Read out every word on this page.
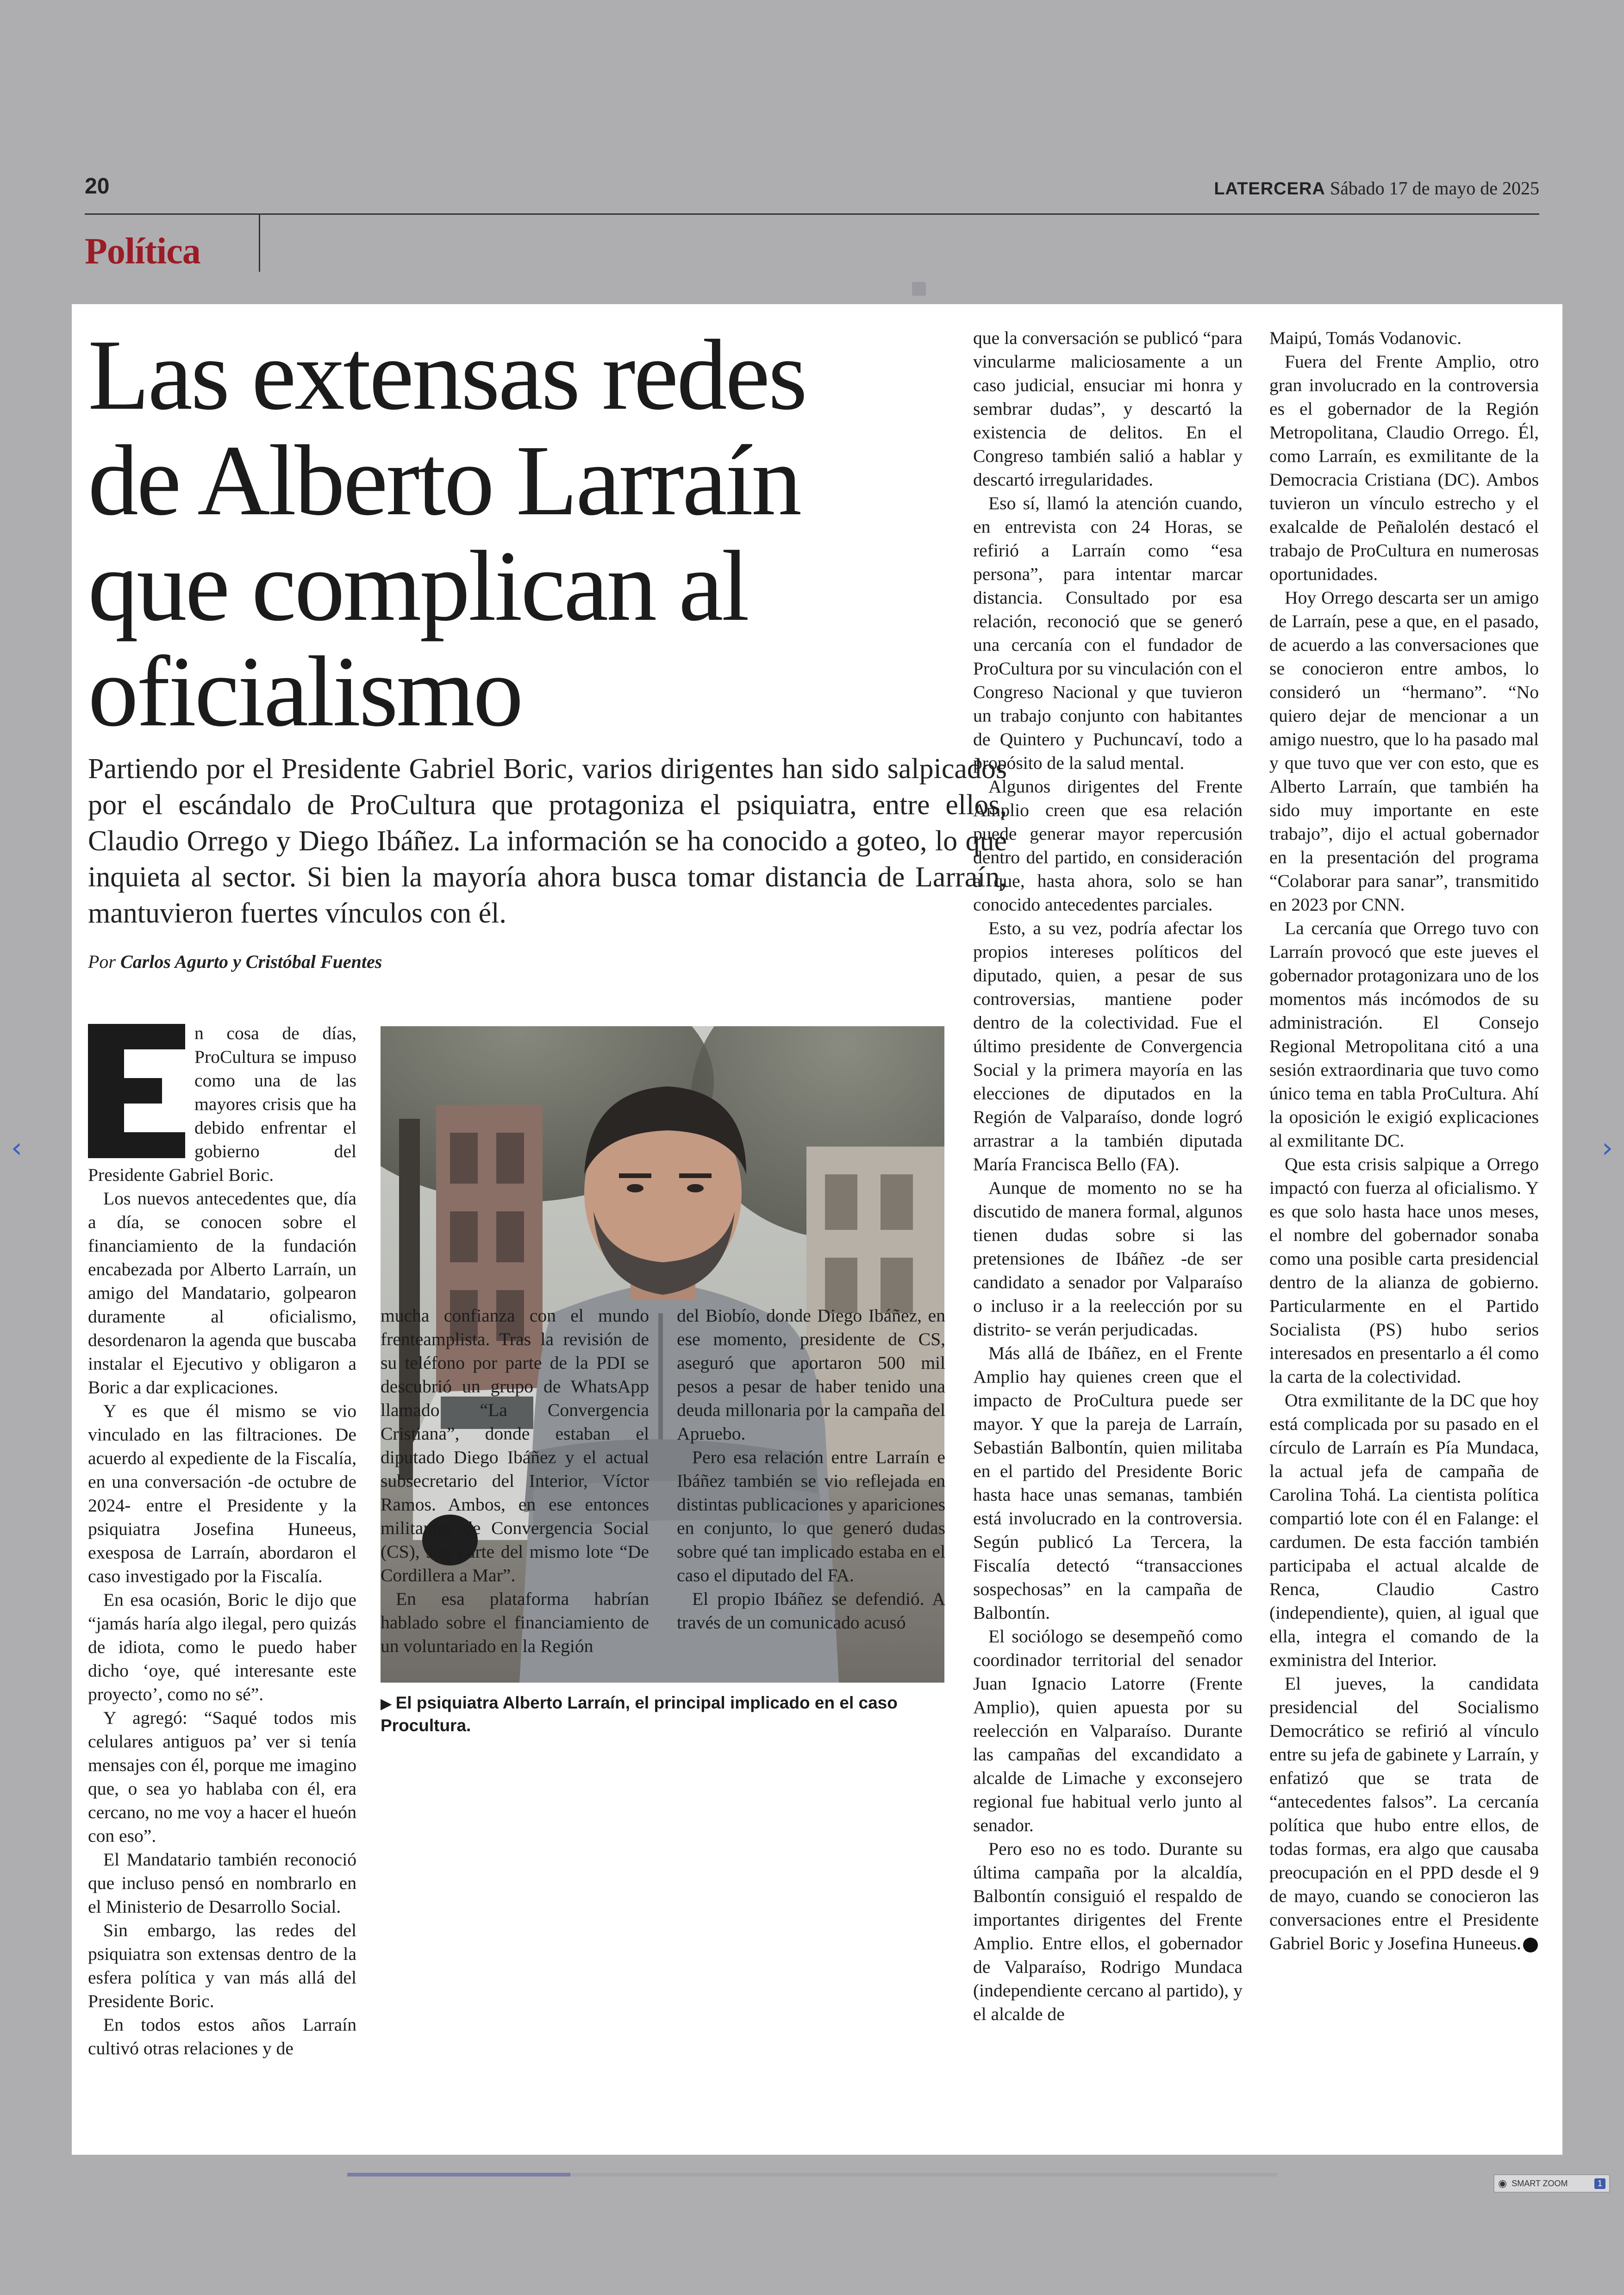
20	LATERCERA Sábado 17 de mayo de 2025
Política
Las extensas redes
de Alberto Larraín
que complican al
oficialismo

Partiendo por el Presidente Gabriel Boric, varios dirigentes han sido salpicados por el escándalo de ProCultura que protagoniza el psiquiatra, entre ellos, Claudio Orrego y Diego Ibáñez. La información se ha conocido a goteo, lo que inquieta al sector. Si bien la mayoría ahora busca tomar distancia de Larraín, mantuvieron fuertes vínculos con él.

Por Carlos Agurto y Cristóbal Fuentes

n cosa de días, ProCultura se impuso como una de las mayores crisis que ha debido enfrentar el gobierno del Presidente Gabriel Boric.

Los nuevos antecedentes que, día a día, se conocen sobre el financiamiento de la fundación encabezada por Alberto Larraín, un amigo del Mandatario, golpearon duramente al oficialismo, desordenaron la agenda que buscaba instalar el Ejecutivo y obligaron a Boric a dar explicaciones.

Y es que él mismo se vio vinculado en las filtraciones. De acuerdo al expediente de la Fiscalía, en una conversación -de octubre de 2024- entre el Presidente y la psiquiatra Josefina Huneeus, exesposa de Larraín, abordaron el caso investigado por la Fiscalía.

En esa ocasión, Boric le dijo que “jamás haría algo ilegal, pero quizás de idiota, como le puedo haber dicho ‘oye, qué interesante este proyecto’, como no sé”.

Y agregó: “Saqué todos mis celulares antiguos pa’ ver si tenía mensajes con él, porque me imagino que, o sea yo hablaba con él, era cercano, no me voy a hacer el hueón con eso”.

El Mandatario también reconoció que incluso pensó en nombrarlo en el Ministerio de Desarrollo Social.

Sin embargo, las redes del psiquiatra son extensas dentro de la esfera política y van más allá del Presidente Boric.

En todos estos años Larraín cultivó otras relaciones y de

▶ El psiquiatra Alberto Larraín, el principal implicado en el caso Procultura.

mucha confianza con el mundo frenteamplista. Tras la revisión de su teléfono por parte de la PDI se descubrió un grupo de WhatsApp llamado “La Convergencia Cristiana”, donde estaban el diputado Diego Ibáñez y el actual subsecretario del Interior, Víctor Ramos. Ambos, en ese entonces militantes de Convergencia Social (CS), son parte del mismo lote “De Cordillera a Mar”.

En esa plataforma habrían hablado sobre el financiamiento de un voluntariado en la Región

del Biobío, donde Diego Ibáñez, en ese momento, presidente de CS, aseguró que aportaron 500 mil pesos a pesar de haber tenido una deuda millonaria por la campaña del Apruebo.

Pero esa relación entre Larraín e Ibáñez también se vio reflejada en distintas publicaciones y apariciones en conjunto, lo que generó dudas sobre qué tan implicado estaba en el caso el diputado del FA.

El propio Ibáñez se defendió. A través de un comunicado acusó

que la conversación se publicó “para vincularme maliciosamente a un caso judicial, ensuciar mi honra y sembrar dudas”, y descartó la existencia de delitos. En el Congreso también salió a hablar y descartó irregularidades.

Eso sí, llamó la atención cuando, en entrevista con 24 Horas, se refirió a Larraín como “esa persona”, para intentar marcar distancia. Consultado por esa relación, reconoció que se generó una cercanía con el fundador de ProCultura por su vinculación con el Congreso Nacional y que tuvieron un trabajo conjunto con habitantes de Quintero y Puchuncaví, todo a propósito de la salud mental.

Algunos dirigentes del Frente Amplio creen que esa relación puede generar mayor repercusión dentro del partido, en consideración a que, hasta ahora, solo se han conocido antecedentes parciales.

Esto, a su vez, podría afectar los propios intereses políticos del diputado, quien, a pesar de sus controversias, mantiene poder dentro de la colectividad. Fue el último presidente de Convergencia Social y la primera mayoría en las elecciones de diputados en la Región de Valparaíso, donde logró arrastrar a la también diputada María Francisca Bello (FA).

Aunque de momento no se ha discutido de manera formal, algunos tienen dudas sobre si las pretensiones de Ibáñez -de ser candidato a senador por Valparaíso o incluso ir a la reelección por su distrito- se verán perjudicadas.

Más allá de Ibáñez, en el Frente Amplio hay quienes creen que el impacto de ProCultura puede ser mayor. Y que la pareja de Larraín, Sebastián Balbontín, quien militaba en el partido del Presidente Boric hasta hace unas semanas, también está involucrado en la controversia. Según publicó La Tercera, la Fiscalía detectó “transacciones sospechosas” en la campaña de Balbontín.

El sociólogo se desempeñó como coordinador territorial del senador Juan Ignacio Latorre (Frente Amplio), quien apuesta por su reelección en Valparaíso. Durante las campañas del excandidato a alcalde de Limache y exconsejero regional fue habitual verlo junto al senador.

Pero eso no es todo. Durante su última campaña por la alcaldía, Balbontín consiguió el respaldo de importantes dirigentes del Frente Amplio. Entre ellos, el gobernador de Valparaíso, Rodrigo Mundaca (independiente cercano al partido), y el alcalde de

Maipú, Tomás Vodanovic.

Fuera del Frente Amplio, otro gran involucrado en la controversia es el gobernador de la Región Metropolitana, Claudio Orrego. Él, como Larraín, es exmilitante de la Democracia Cristiana (DC). Ambos tuvieron un vínculo estrecho y el exalcalde de Peñalolén destacó el trabajo de ProCultura en numerosas oportunidades.

Hoy Orrego descarta ser un amigo de Larraín, pese a que, en el pasado, de acuerdo a las conversaciones que se conocieron entre ambos, lo consideró un “hermano”. “No quiero dejar de mencionar a un amigo nuestro, que lo ha pasado mal y que tuvo que ver con esto, que es Alberto Larraín, que también ha sido muy importante en este trabajo”, dijo el actual gobernador en la presentación del programa “Colaborar para sanar”, transmitido en 2023 por CNN.

La cercanía que Orrego tuvo con Larraín provocó que este jueves el gobernador protagonizara uno de los momentos más incómodos de su administración. El Consejo Regional Metropolitana citó a una sesión extraordinaria que tuvo como único tema en tabla ProCultura. Ahí la oposición le exigió explicaciones al exmilitante DC.

Que esta crisis salpique a Orrego impactó con fuerza al oficialismo. Y es que solo hasta hace unos meses, el nombre del gobernador sonaba como una posible carta presidencial dentro de la alianza de gobierno. Particularmente en el Partido Socialista (PS) hubo serios interesados en presentarlo a él como la carta de la colectividad.

Otra exmilitante de la DC que hoy está complicada por su pasado en el círculo de Larraín es Pía Mundaca, la actual jefa de campaña de Carolina Tohá. La cientista política compartió lote con él en Falange: el cardumen. De esta facción también participaba el actual alcalde de Renca, Claudio Castro (independiente), quien, al igual que ella, integra el comando de la exministra del Interior.

El jueves, la candidata presidencial del Socialismo Democrático se refirió al vínculo entre su jefa de gabinete y Larraín, y enfatizó que se trata de “antecedentes falsos”. La cercanía política que hubo entre ellos, de todas formas, era algo que causaba preocupación en el PPD desde el 9 de mayo, cuando se conocieron las conversaciones entre el Presidente Gabriel Boric y Josefina Huneeus.

‹	›
◉ SMART ZOOM	1
